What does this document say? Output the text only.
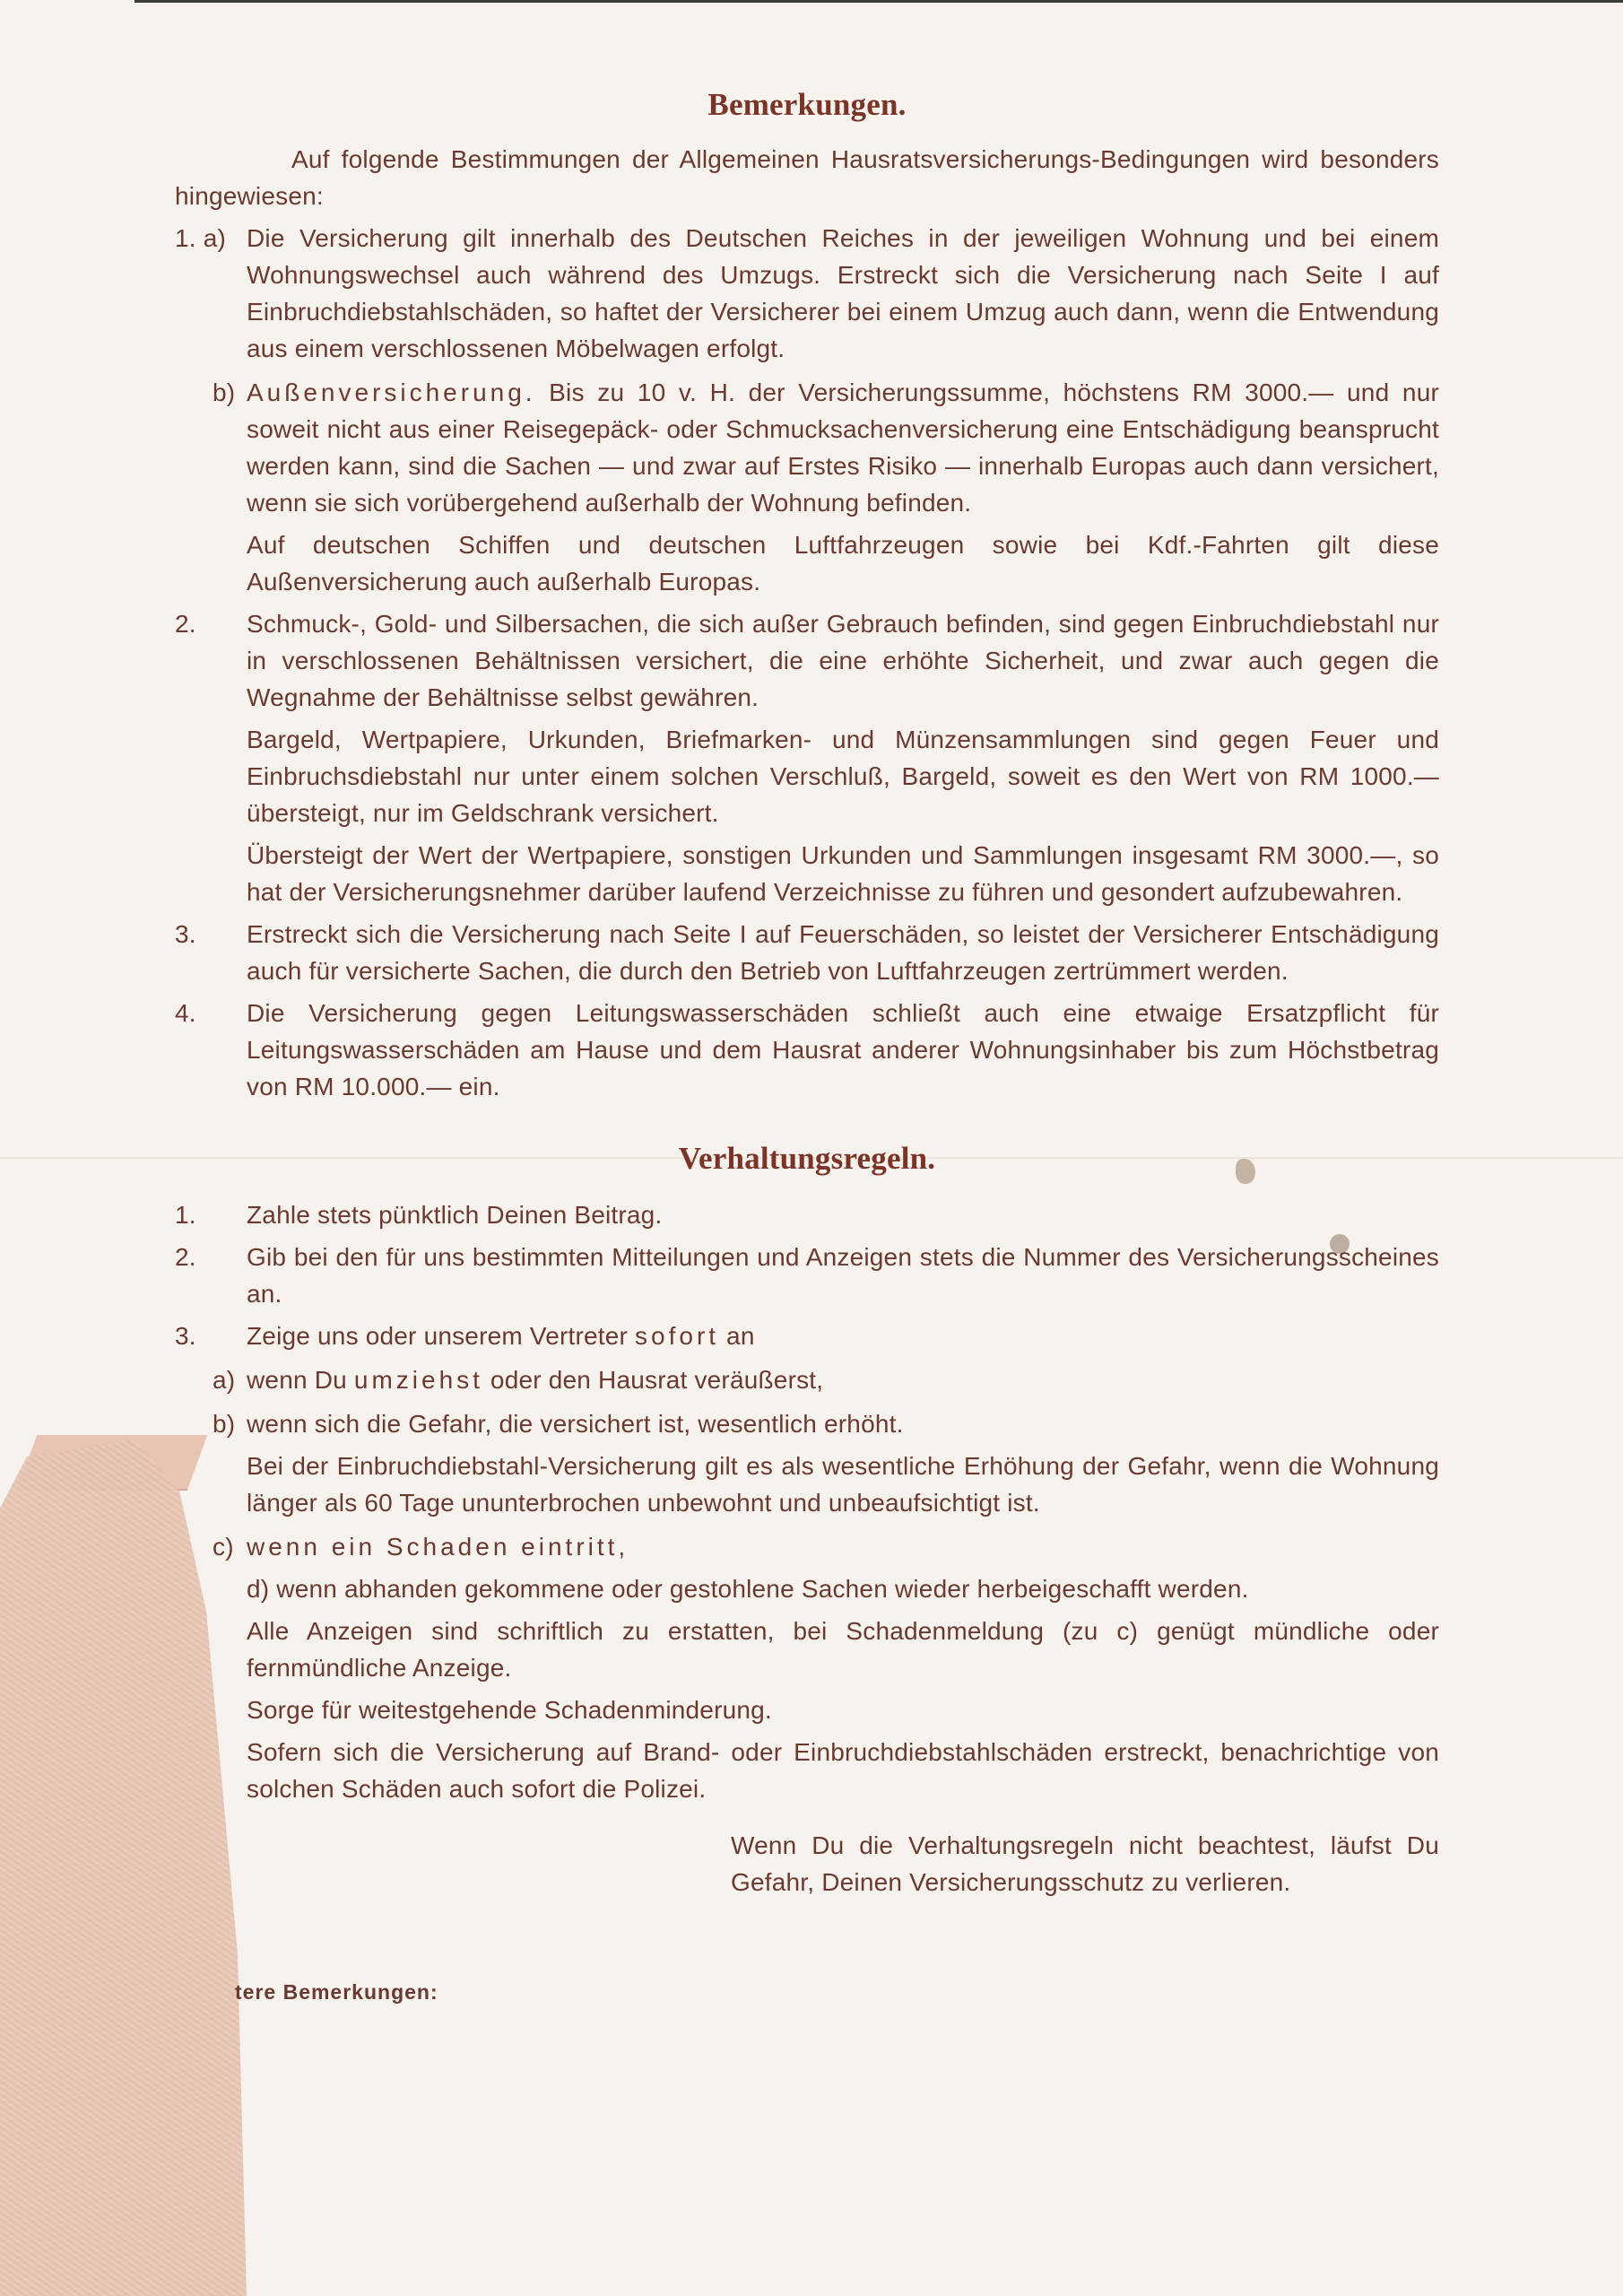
Bemerkungen.

Auf folgende Bestimmungen der Allgemeinen Hausratsversicherungs-Bedingungen wird besonders hingewiesen:

1. a) Die Versicherung gilt innerhalb des Deutschen Reiches in der jeweiligen Wohnung und bei einem Wohnungswechsel auch während des Umzugs. Erstreckt sich die Versicherung nach Seite I auf Einbruchdiebstahlschäden, so haftet der Versicherer bei einem Umzug auch dann, wenn die Entwendung aus einem verschlossenen Möbelwagen erfolgt.

b) Außenversicherung. Bis zu 10 v. H. der Versicherungssumme, höchstens RM 3000.— und nur soweit nicht aus einer Reisegepäck- oder Schmucksachenversicherung eine Entschädigung beansprucht werden kann, sind die Sachen — und zwar auf Erstes Risiko — innerhalb Europas auch dann versichert, wenn sie sich vorübergehend außerhalb der Wohnung befinden.

Auf deutschen Schiffen und deutschen Luftfahrzeugen sowie bei Kdf.-Fahrten gilt diese Außenversicherung auch außerhalb Europas.

2. Schmuck-, Gold- und Silbersachen, die sich außer Gebrauch befinden, sind gegen Einbruchdiebstahl nur in verschlossenen Behältnissen versichert, die eine erhöhte Sicherheit, und zwar auch gegen die Wegnahme der Behältnisse selbst gewähren.

Bargeld, Wertpapiere, Urkunden, Briefmarken- und Münzensammlungen sind gegen Feuer und Einbruchsdiebstahl nur unter einem solchen Verschluß, Bargeld, soweit es den Wert von RM 1000.— übersteigt, nur im Geldschrank versichert.

Übersteigt der Wert der Wertpapiere, sonstigen Urkunden und Sammlungen insgesamt RM 3000.—, so hat der Versicherungsnehmer darüber laufend Verzeichnisse zu führen und gesondert aufzubewahren.

3. Erstreckt sich die Versicherung nach Seite I auf Feuerschäden, so leistet der Versicherer Entschädigung auch für versicherte Sachen, die durch den Betrieb von Luftfahrzeugen zertrümmert werden.

4. Die Versicherung gegen Leitungswasserschäden schließt auch eine etwaige Ersatzpflicht für Leitungswasserschäden am Hause und dem Hausrat anderer Wohnungsinhaber bis zum Höchstbetrag von RM 10.000.— ein.

Verhaltungsregeln.
1. Zahle stets pünktlich Deinen Beitrag.

2. Gib bei den für uns bestimmten Mitteilungen und Anzeigen stets die Nummer des Versicherungsscheines an.

3. Zeige uns oder unserem Vertreter sofort an

a) wenn Du umziehst oder den Hausrat veräußerst,

b) wenn sich die Gefahr, die versichert ist, wesentlich erhöht.

Bei der Einbruchdiebstahl-Versicherung gilt es als wesentliche Erhöhung der Gefahr, wenn die Wohnung länger als 60 Tage ununterbrochen unbewohnt und unbeaufsichtigt ist.

c) wenn ein Schaden eintritt,

d) wenn abhanden gekommene oder gestohlene Sachen wieder herbeigeschafft werden.

Alle Anzeigen sind schriftlich zu erstatten, bei Schadenmeldung (zu c) genügt mündliche oder fernmündliche Anzeige.

Sorge für weitestgehende Schadenminderung.

Sofern sich die Versicherung auf Brand- oder Einbruchdiebstahlschäden erstreckt, benachrichtige von solchen Schäden auch sofort die Polizei.

Wenn Du die Verhaltungsregeln nicht beachtest, läufst Du Gefahr, Deinen Versicherungsschutz zu verlieren.

tere Bemerkungen:
